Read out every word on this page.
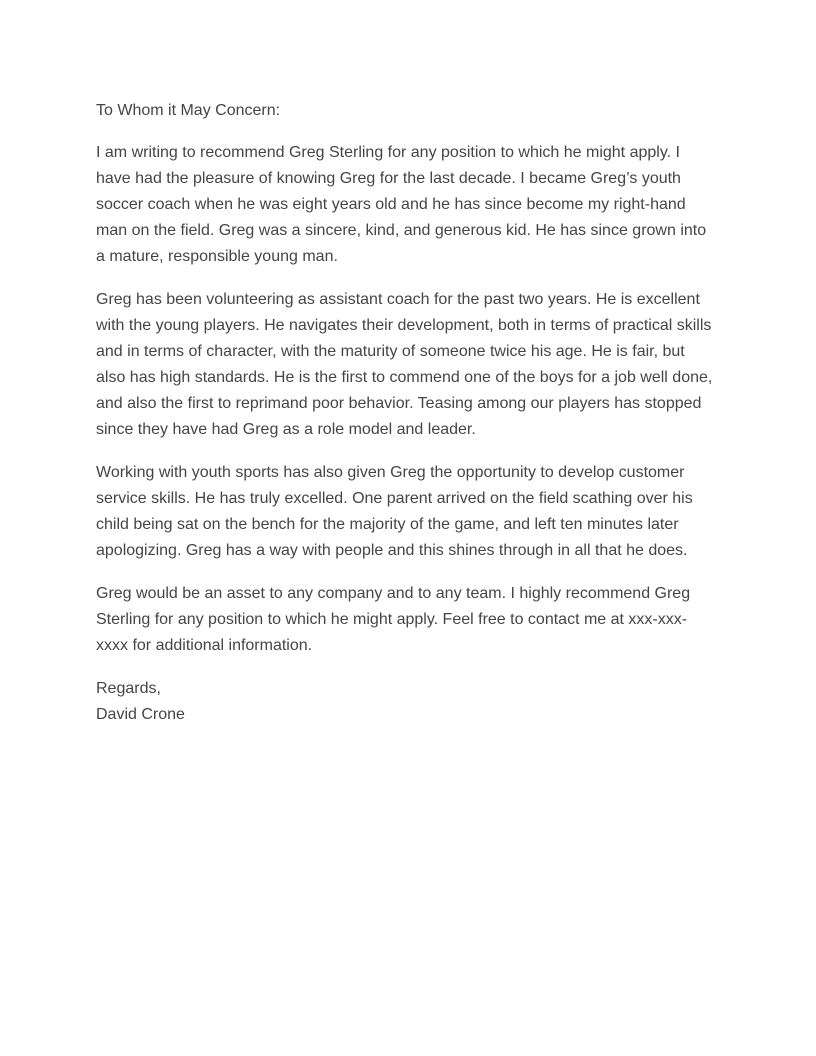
To Whom it May Concern:

I am writing to recommend Greg Sterling for any position to which he might apply. I have had the pleasure of knowing Greg for the last decade. I became Greg’s youth soccer coach when he was eight years old and he has since become my right-hand man on the field. Greg was a sincere, kind, and generous kid. He has since grown into a mature, responsible young man.

Greg has been volunteering as assistant coach for the past two years. He is excellent with the young players. He navigates their development, both in terms of practical skills and in terms of character, with the maturity of someone twice his age. He is fair, but also has high standards. He is the first to commend one of the boys for a job well done, and also the first to reprimand poor behavior. Teasing among our players has stopped since they have had Greg as a role model and leader.

Working with youth sports has also given Greg the opportunity to develop customer service skills. He has truly excelled. One parent arrived on the field scathing over his child being sat on the bench for the majority of the game, and left ten minutes later apologizing. Greg has a way with people and this shines through in all that he does.

Greg would be an asset to any company and to any team. I highly recommend Greg Sterling for any position to which he might apply. Feel free to contact me at xxx-xxx-xxxx for additional information.

Regards,

David Crone
